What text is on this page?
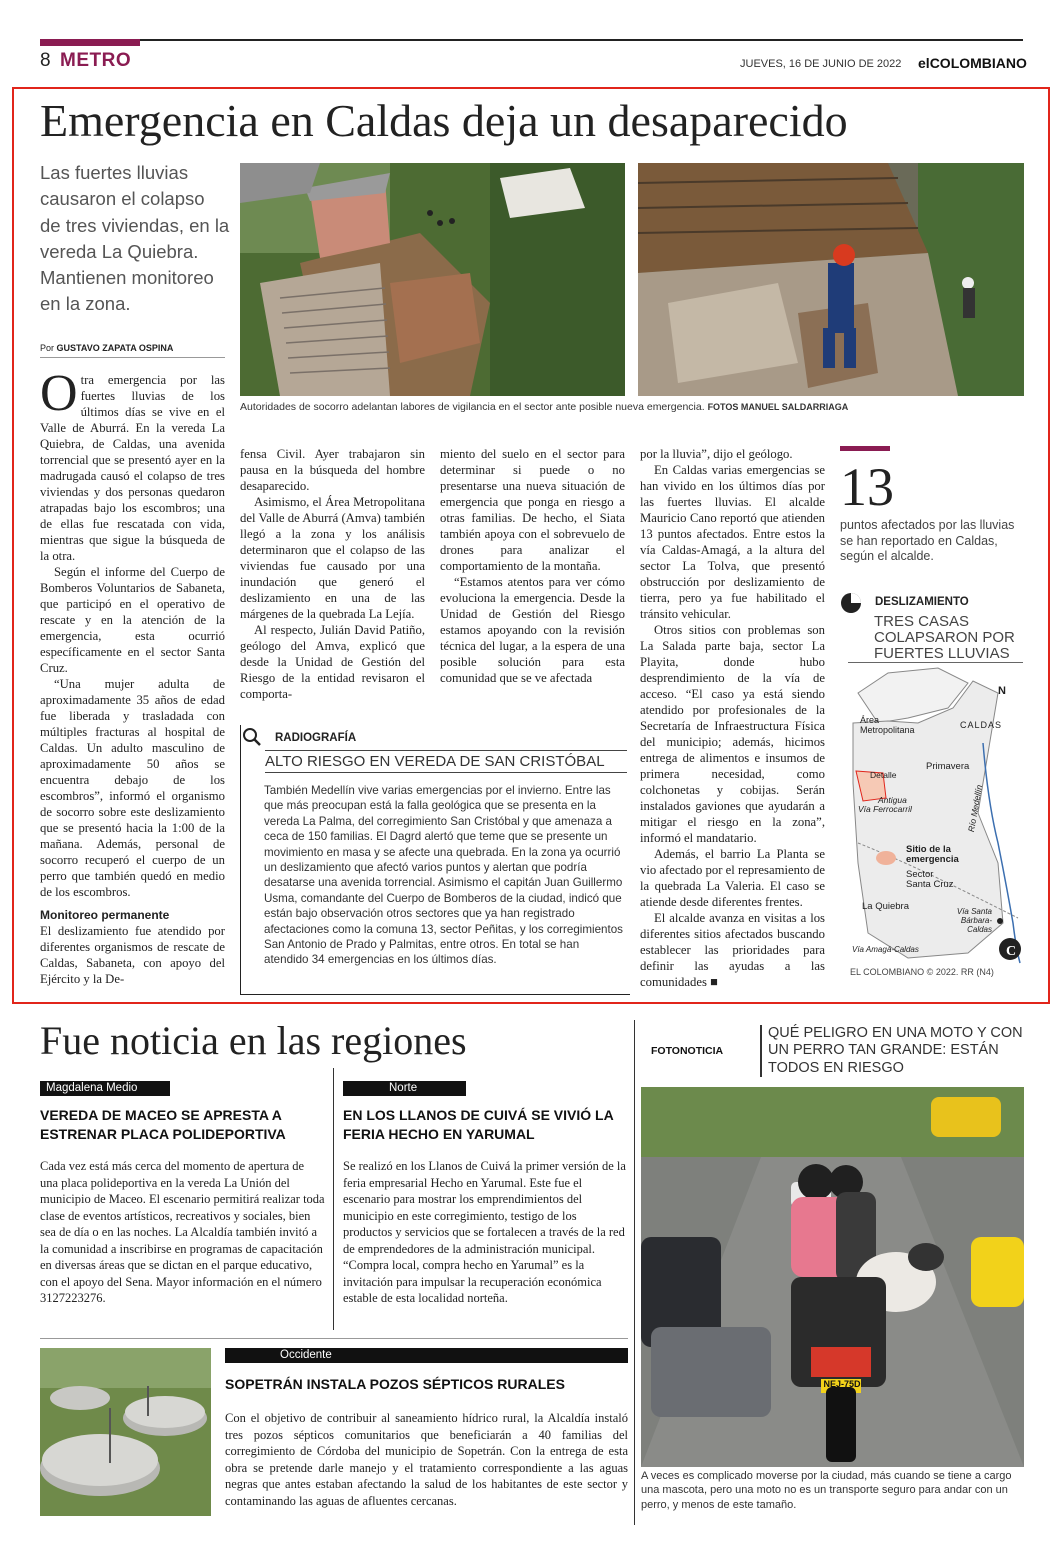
8 METRO	JUEVES, 16 DE JUNIO DE 2022 elCOLOMBIANO
Emergencia en Caldas deja un desaparecido
Las fuertes lluvias causaron el colapso de tres viviendas, en la vereda La Quiebra. Mantienen monitoreo en la zona.
Por GUSTAVO ZAPATA OSPINA
Autoridades de socorro adelantan labores de vigilancia en el sector ante posible nueva emergencia. FOTOS MANUEL SALDARRIAGA

Otra emergencia por las fuertes lluvias de los últimos días se vive en el Valle de Aburrá. En la vereda La Quiebra, de Caldas, una avenida torrencial que se presentó ayer en la madrugada causó el colapso de tres viviendas y dos personas quedaron atrapadas bajo los escombros; una de ellas fue rescatada con vida, mientras que sigue la búsqueda de la otra.

Según el informe del Cuerpo de Bomberos Voluntarios de Sabaneta, que participó en el operativo de rescate y en la atención de la emergencia, esta ocurrió específicamente en el sector Santa Cruz.

“Una mujer adulta de aproximadamente 35 años de edad fue liberada y trasladada con múltiples fracturas al hospital de Caldas. Un adulto masculino de aproximadamente 50 años se encuentra debajo de los escombros”, informó el organismo de socorro sobre este deslizamiento que se presentó hacia la 1:00 de la mañana. Además, personal de socorro recuperó el cuerpo de un perro que también quedó en medio de los escombros.

Monitoreo permanente

El deslizamiento fue atendido por diferentes organismos de rescate de Caldas, Sabaneta, con apoyo del Ejército y la De-

fensa Civil. Ayer trabajaron sin pausa en la búsqueda del hombre desaparecido.

Asimismo, el Área Metropolitana del Valle de Aburrá (Amva) también llegó a la zona y los análisis determinaron que el colapso de las viviendas fue causado por una inundación que generó el deslizamiento en una de las márgenes de la quebrada La Lejía.

Al respecto, Julián David Patiño, geólogo del Amva, explicó que desde la Unidad de Gestión del Riesgo de la entidad revisaron el comporta-

miento del suelo en el sector para determinar si puede o no presentarse una nueva situación de emergencia que ponga en riesgo a otras familias. De hecho, el Siata también apoya con el sobrevuelo de drones para analizar el comportamiento de la montaña.

“Estamos atentos para ver cómo evoluciona la emergencia. Desde la Unidad de Gestión del Riesgo estamos apoyando con la revisión técnica del lugar, a la espera de una posible solución para esta comunidad que se ve afectada

por la lluvia”, dijo el geólogo.

En Caldas varias emergencias se han vivido en los últimos días por las fuertes lluvias. El alcalde Mauricio Cano reportó que atienden 13 puntos afectados. Entre estos la vía Caldas-Amagá, a la altura del sector La Tolva, que presentó obstrucción por deslizamiento de tierra, pero ya fue habilitado el tránsito vehicular.

Otros sitios con problemas son La Salada parte baja, sector La Playita, donde hubo desprendimiento de la vía de acceso. “El caso ya está siendo atendido por profesionales de la Secretaría de Infraestructura Física del municipio; además, hicimos entrega de alimentos e insumos de primera necesidad, como colchonetas y cobijas. Serán instalados gaviones que ayudarán a mitigar el riesgo en la zona”, informó el mandatario.

Además, el barrio La Planta se vio afectado por el represamiento de la quebrada La Valeria. El caso se atiende desde diferentes frentes.

El alcalde avanza en visitas a los diferentes sitios afectados buscando establecer las prioridades para definir las ayudas a las comunidades ■

RADIOGRAFÍA
ALTO RIESGO EN VEREDA DE SAN CRISTÓBAL
También Medellín vive varias emergencias por el invierno. Entre las que más preocupan está la falla geológica que se presenta en la vereda La Palma, del corregimiento San Cristóbal y que amenaza a ceca de 150 familias. El Dagrd alertó que teme que se presente un movimiento en masa y se afecte una quebrada. En la zona ya ocurrió un deslizamiento que afectó varios puntos y alertan que podría desatarse una avenida torrencial. Asimismo el capitán Juan Guillermo Usma, comandante del Cuerpo de Bomberos de la ciudad, indicó que están bajo observación otros sectores que ya han registrado afectaciones como la comuna 13, sector Peñitas, y los corregimientos San Antonio de Prado y Palmitas, entre otros. En total se han atendido 34 emergencias en los últimos días.
13
puntos afectados por las lluvias se han reportado en Caldas, según el alcalde.
DESLIZAMIENTO
TRES CASAS COLAPSARON POR FUERTES LLUVIAS
C
N
Área
Metropolitana	CALDAS
Detalle
Primavera
Antigua
Vía Ferrocarril	Río Medellín
Sitio de la
emergencia
Sector
Santa Cruz
La Quiebra	Vía Santa
Bárbara-
Caldas
Vía Amagá-Caldas
EL COLOMBIANO © 2022. RR (N4)
Fue noticia en las regiones
Magdalena Medio
VEREDA DE MACEO SE APRESTA A ESTRENAR PLACA POLIDEPORTIVA
Cada vez está más cerca del momento de apertura de una placa polideportiva en la vereda La Unión del municipio de Maceo. El escenario permitirá realizar toda clase de eventos artísticos, recreativos y sociales, bien sea de día o en las noches. La Alcaldía también invitó a la comunidad a inscribirse en programas de capacitación en diversas áreas que se dictan en el parque educativo, con el apoyo del Sena. Mayor información en el número 3127223276.
Norte
EN LOS LLANOS DE CUIVÁ SE VIVIÓ LA FERIA HECHO EN YARUMAL
Se realizó en los Llanos de Cuivá la primer versión de la feria empresarial Hecho en Yarumal. Este fue el escenario para mostrar los emprendimientos del municipio en este corregimiento, testigo de los productos y servicios que se fortalecen a través de la red de emprendedores de la administración municipal. “Compra local, compra hecho en Yarumal” es la invitación para impulsar la recuperación económica estable de esta localidad norteña.
Occidente
SOPETRÁN INSTALA POZOS SÉPTICOS RURALES
Con el objetivo de contribuir al saneamiento hídrico rural, la Alcaldía instaló tres pozos sépticos comunitarios que beneficiarán a 40 familias del corregimiento de Córdoba del municipio de Sopetrán. Con la entrega de esta obra se pretende darle manejo y el tratamiento correspondiente a las aguas negras que antes estaban afectando la salud de los habitantes de este sector y contaminando las aguas de afluentes cercanas.
FOTONOTICIA
QUÉ PELIGRO EN UNA MOTO Y CON UN PERRO TAN GRANDE: ESTÁN TODOS EN RIESGO
NEJ-75D
A veces es complicado moverse por la ciudad, más cuando se tiene a cargo una mascota, pero una moto no es un transporte seguro para andar con un perro, y menos de este tamaño.
